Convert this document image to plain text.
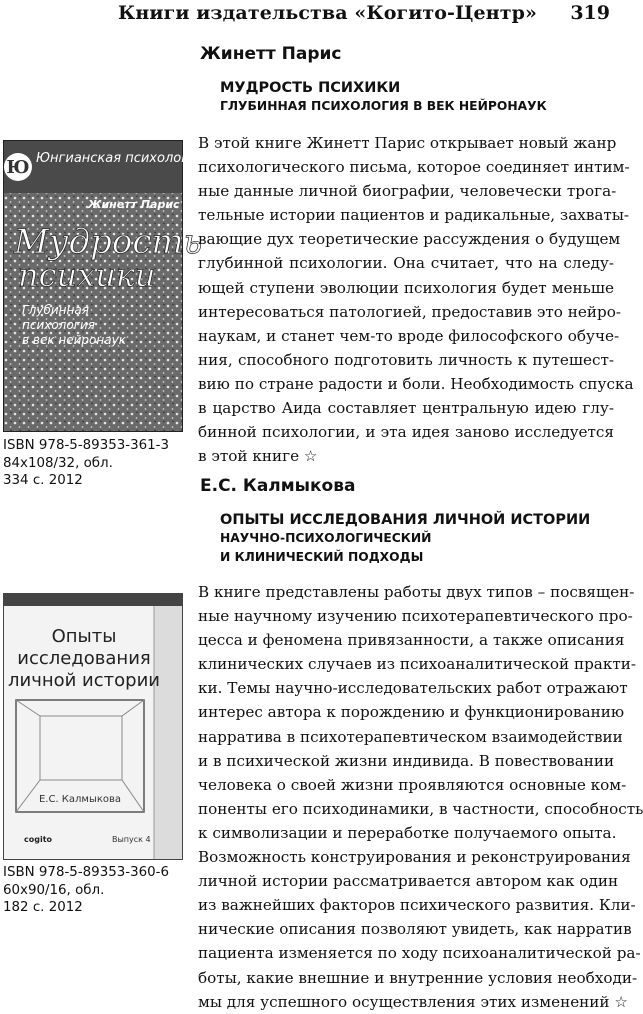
Книги издательства «Когито-Центр» 319
Жинетт Парис
МУДРОСТЬ ПСИХИКИ
ГЛУБИННАЯ ПСИХОЛОГИЯ В ВЕК НЕЙРОНАУК
Ю Юнгианская психология
Жинетт Парис
Мудрость
психики
Глубинная
психология
в век нейронаук

В этой книге Жинетт Парис открывает новый жанр
психологического письма, которое соединяет интим-
ные данные личной биографии, человечески трога-
тельные истории пациентов и радикальные, захваты-
вающие дух теоретические рассуждения о будущем
глубинной психологии. Она считает, что на следу-
ющей ступени эволюции психология будет меньше
интересоваться патологией, предоставив это нейро-
наукам, и станет чем-то вроде философского обуче-
ния, способного подготовить личность к путешест-
вию по стране радости и боли. Необходимость спуска
в царство Аида составляет центральную идею глу-
бинной психологии, и эта идея заново исследуется
в этой книге ☆

ISBN 978-5-89353-361-3
84x108/32, обл.
334 с. 2012	Е.С. Калмыкова
ОПЫТЫ ИССЛЕДОВАНИЯ ЛИЧНОЙ ИСТОРИИ
НАУЧНО-ПСИХОЛОГИЧЕСКИЙ
И КЛИНИЧЕСКИЙ ПОДХОДЫ
Опыты
исследования
личной истории
Е.С. Калмыкова
cogito	Выпуск 4

В книге представлены работы двух типов – посвящен-
ные научному изучению психотерапевтического про-
цесса и феномена привязанности, а также описания
клинических случаев из психоаналитической практи-
ки. Темы научно-исследовательских работ отражают
интерес автора к порождению и функционированию
нарратива в психотерапевтическом взаимодействии
и в психической жизни индивида. В повествовании
человека о своей жизни проявляются основные ком-
поненты его психодинамики, в частности, способность
к символизации и переработке получаемого опыта.
Возможность конструирования и реконструирования
личной истории рассматривается автором как один
из важнейших факторов психического развития. Кли-
нические описания позволяют увидеть, как нарратив
пациента изменяется по ходу психоаналитической ра-
боты, какие внешние и внутренние условия необходи-
мы для успешного осуществления этих изменений ☆

ISBN 978-5-89353-360-6
60x90/16, обл.
182 с. 2012
